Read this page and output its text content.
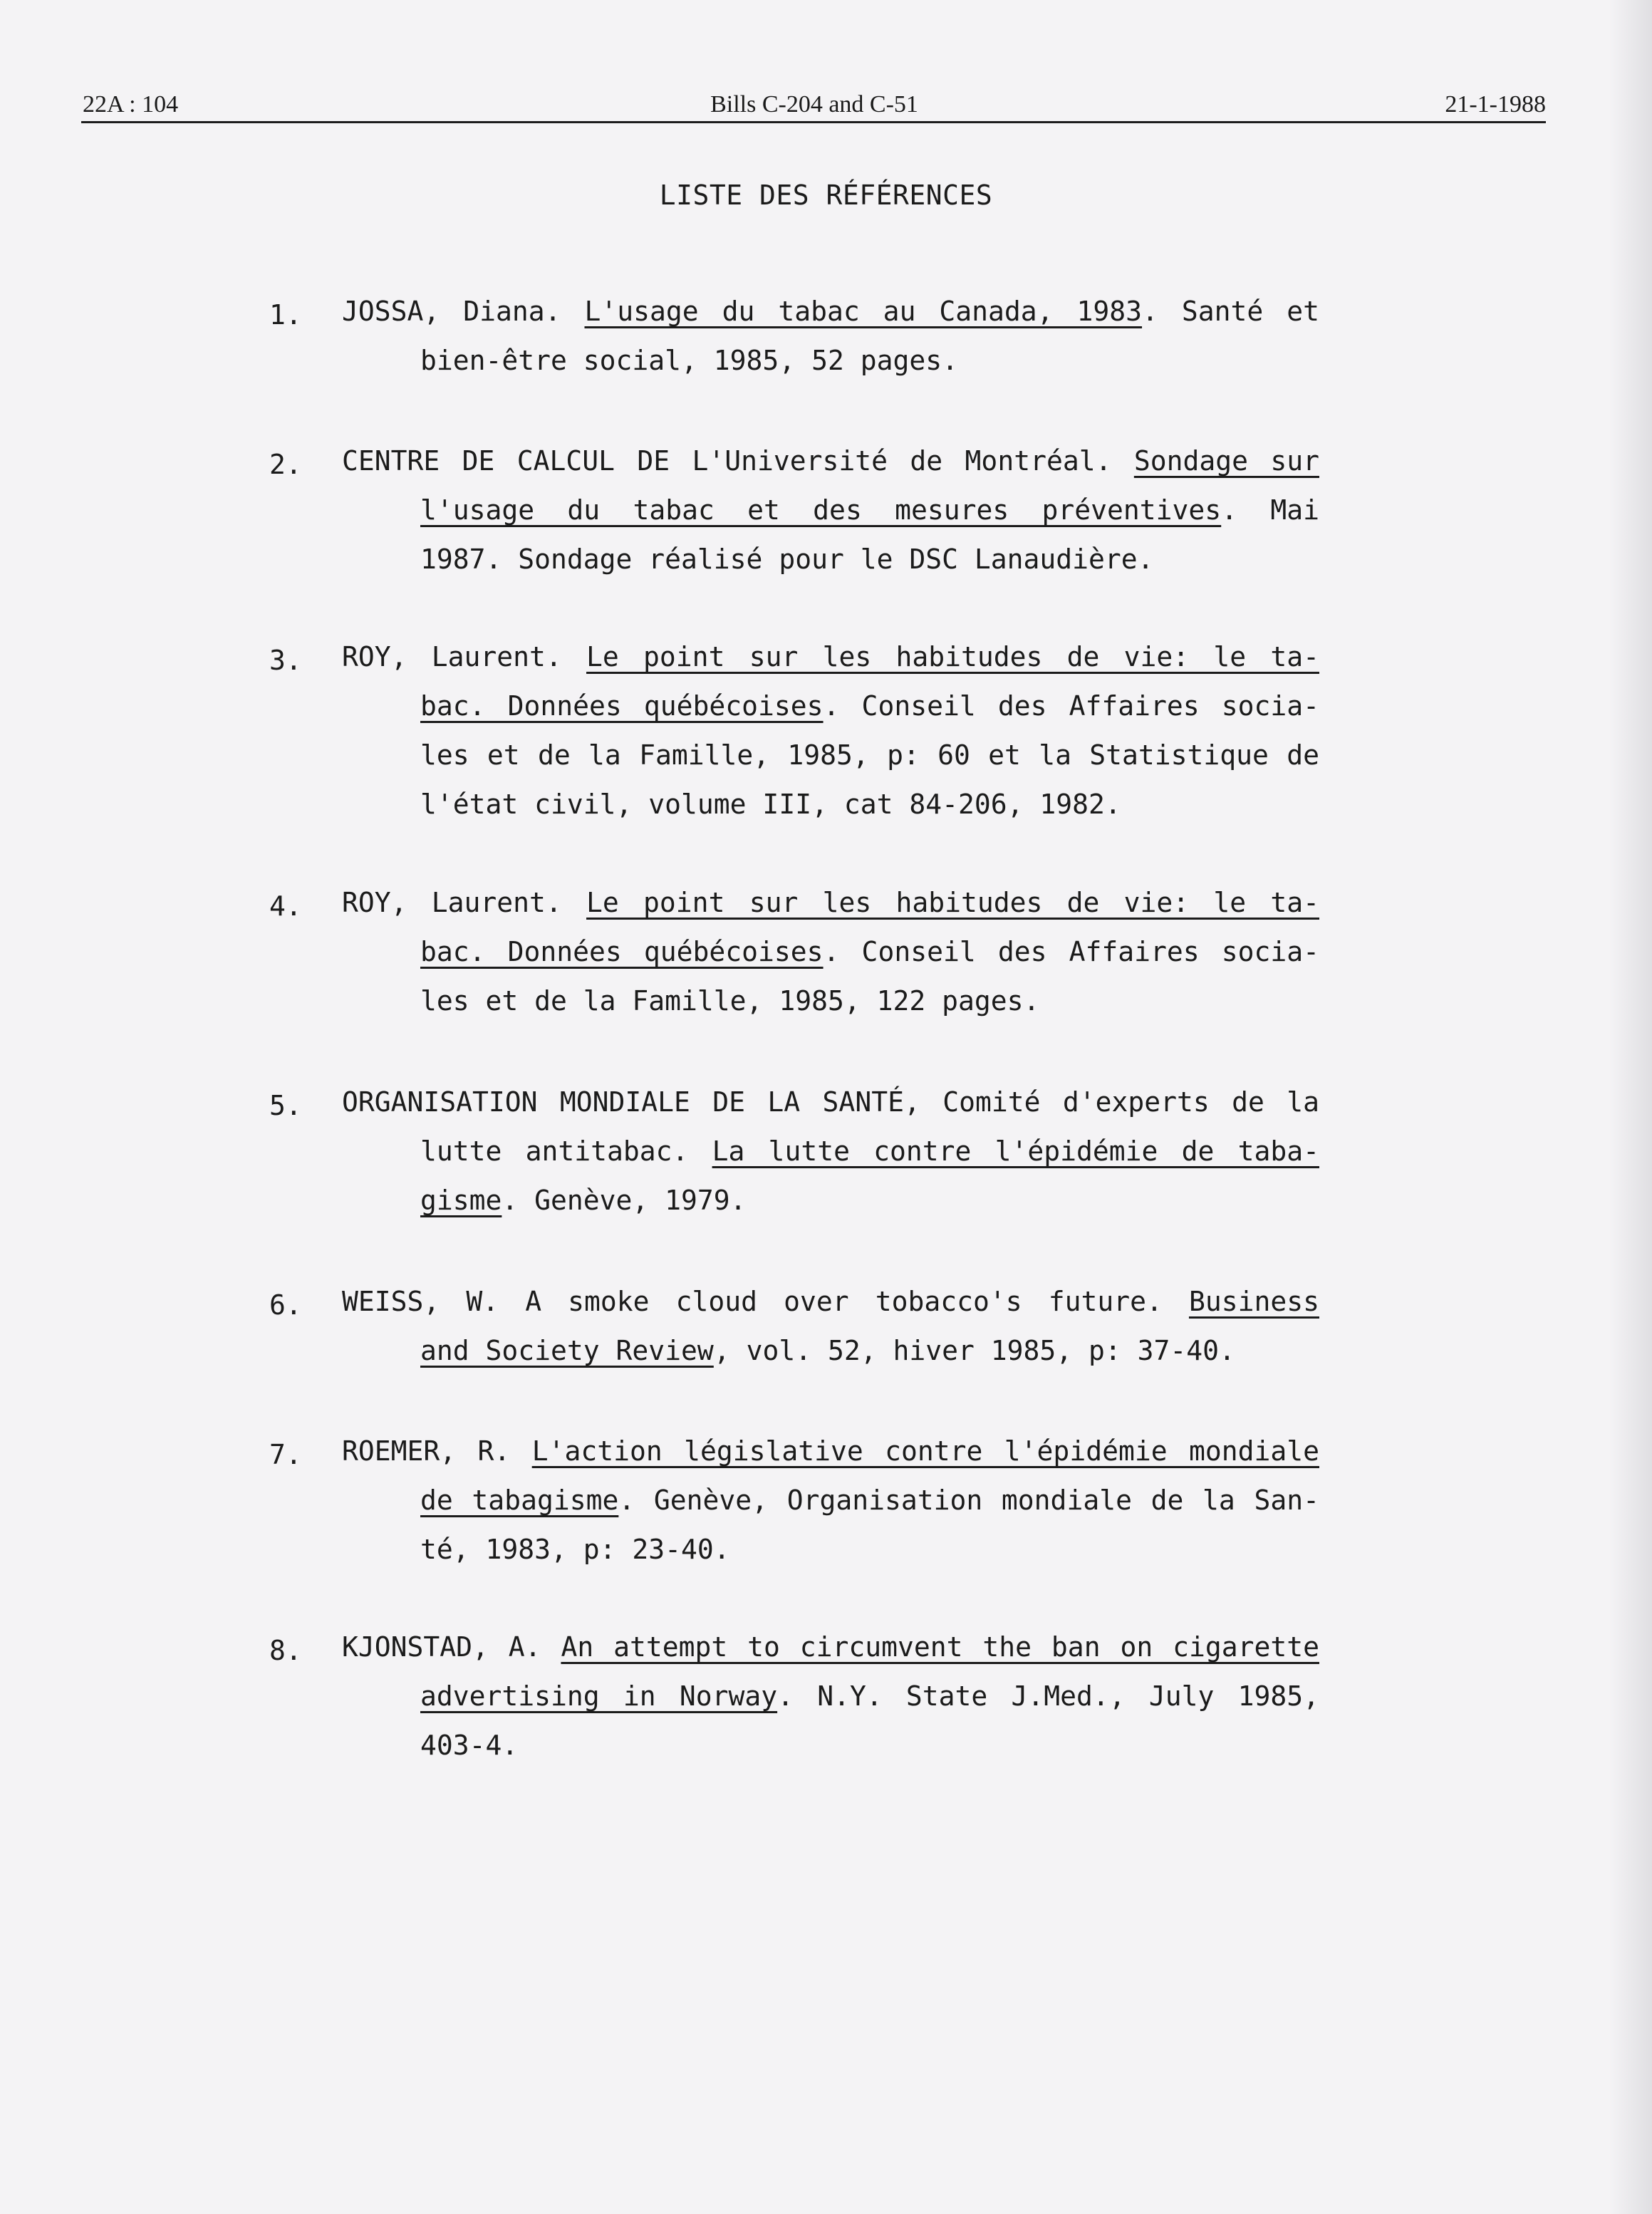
22A : 104	Bills C-204 and C-51	21-1-1988
LISTE DES RÉFÉRENCES
1.	JOSSA, Diana. L'usage du tabac au Canada, 1983. Santé et
bien-être social, 1985, 52 pages.
2.	CENTRE DE CALCUL DE L'Université de Montréal. Sondage sur
l'usage du tabac et des mesures préventives. Mai
1987. Sondage réalisé pour le DSC Lanaudière.
3.	ROY, Laurent. Le point sur les habitudes de vie: le ta-
bac. Données québécoises. Conseil des Affaires socia-
les et de la Famille, 1985, p: 60 et la Statistique de
l'état civil, volume III, cat 84-206, 1982.
4.	ROY, Laurent. Le point sur les habitudes de vie: le ta-
bac. Données québécoises. Conseil des Affaires socia-
les et de la Famille, 1985, 122 pages.
5.	ORGANISATION MONDIALE DE LA SANTÉ, Comité d'experts de la
lutte antitabac. La lutte contre l'épidémie de taba-
gisme. Genève, 1979.
6.	WEISS, W. A smoke cloud over tobacco's future. Business
and Society Review, vol. 52, hiver 1985, p: 37-40.
7.	ROEMER, R. L'action législative contre l'épidémie mondiale
de tabagisme. Genève, Organisation mondiale de la San-
té, 1983, p: 23-40.
8.	KJONSTAD, A. An attempt to circumvent the ban on cigarette
advertising in Norway. N.Y. State J.Med., July 1985,
403-4.
